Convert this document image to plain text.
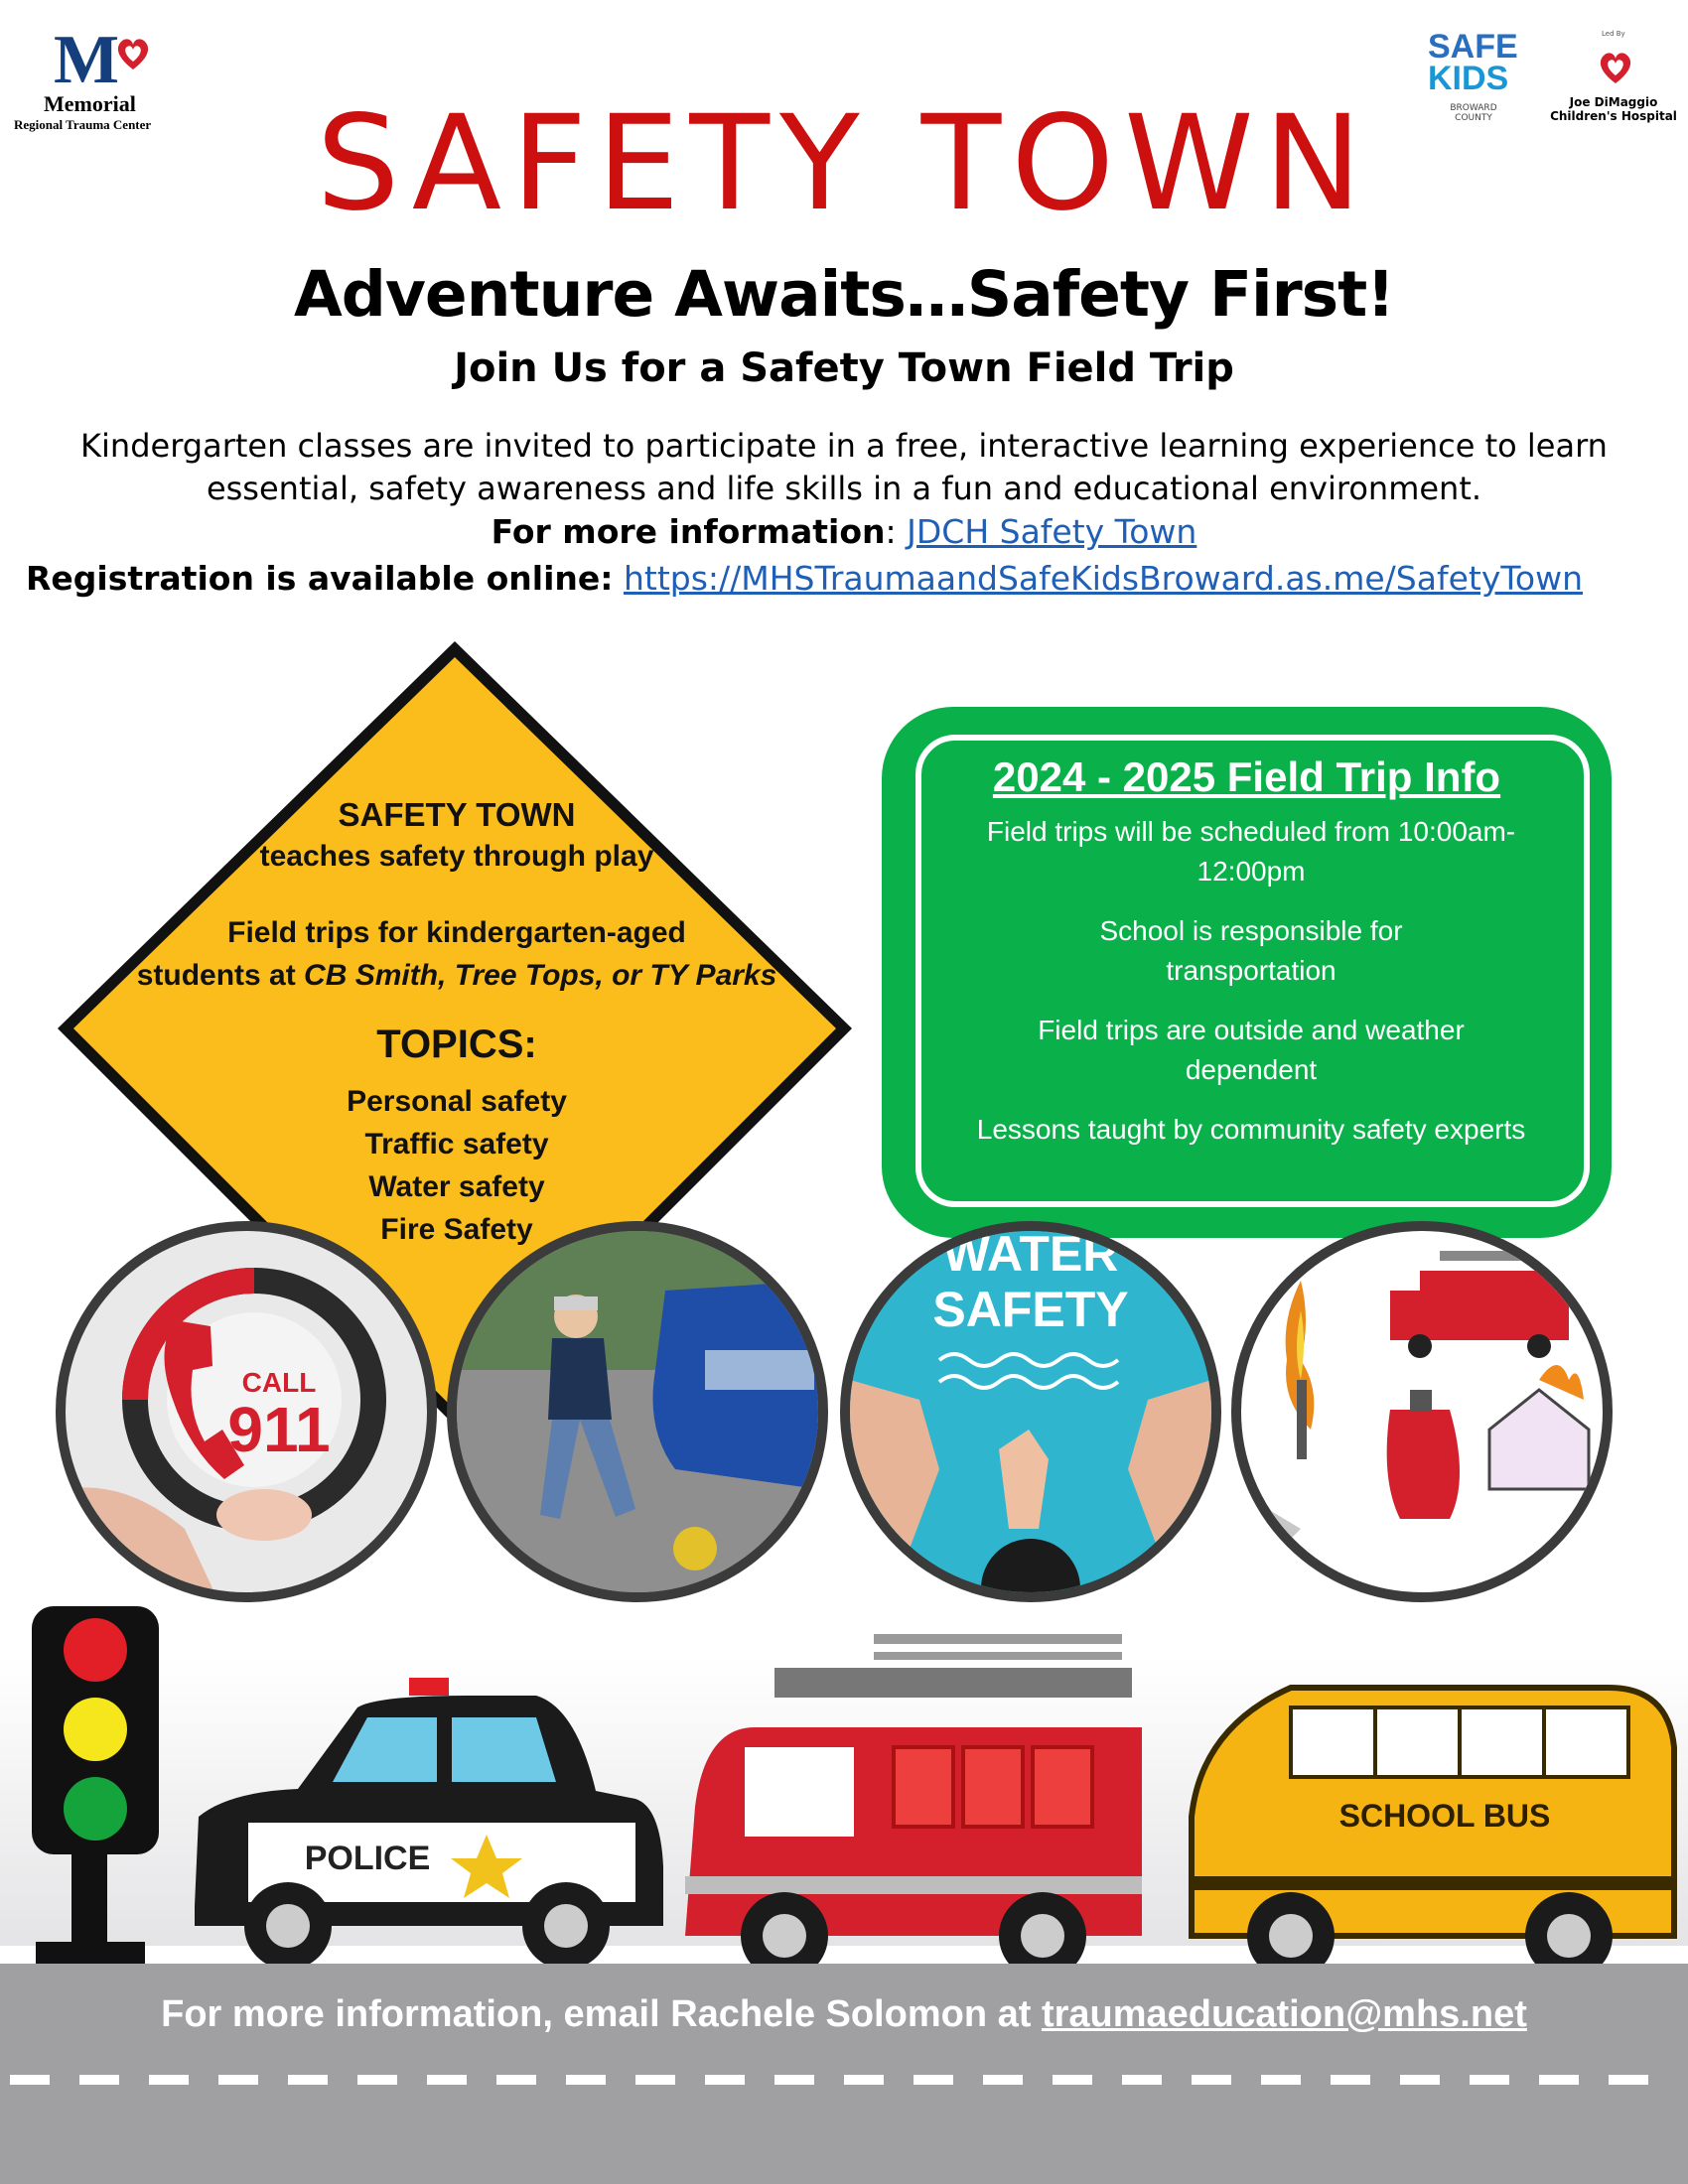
M
Memorial
Regional Trauma Center
SAFE
KIDS
BROWARD COUNTY
Led By
Joe DiMaggio Children's Hospital
SAFETY TOWN
Adventure Awaits…Safety First!
Join Us for a Safety Town Field Trip
Kindergarten classes are invited to participate in a free, interactive learning experience to learn essential, safety awareness and life skills in a fun and educational environment.
For more information: JDCH Safety Town
Registration is available online: https://MHSTraumaandSafeKidsBroward.as.me/SafetyTown
SAFETY TOWN
teaches safety through play
Field trips for kindergarten-aged
students at CB Smith, Tree Tops, or TY Parks
TOPICS:
Personal safety
Traffic safety
Water safety
Fire Safety
2024 - 2025 Field Trip Info
Field trips will be scheduled from 10:00am-12:00pm
School is responsible for transportation
Field trips are outside and weather dependent
Lessons taught by community safety experts
CALL
911
WATER
SAFETY
POLICE
SCHOOL BUS
For more information, email Rachele Solomon at traumaeducation@mhs.net
